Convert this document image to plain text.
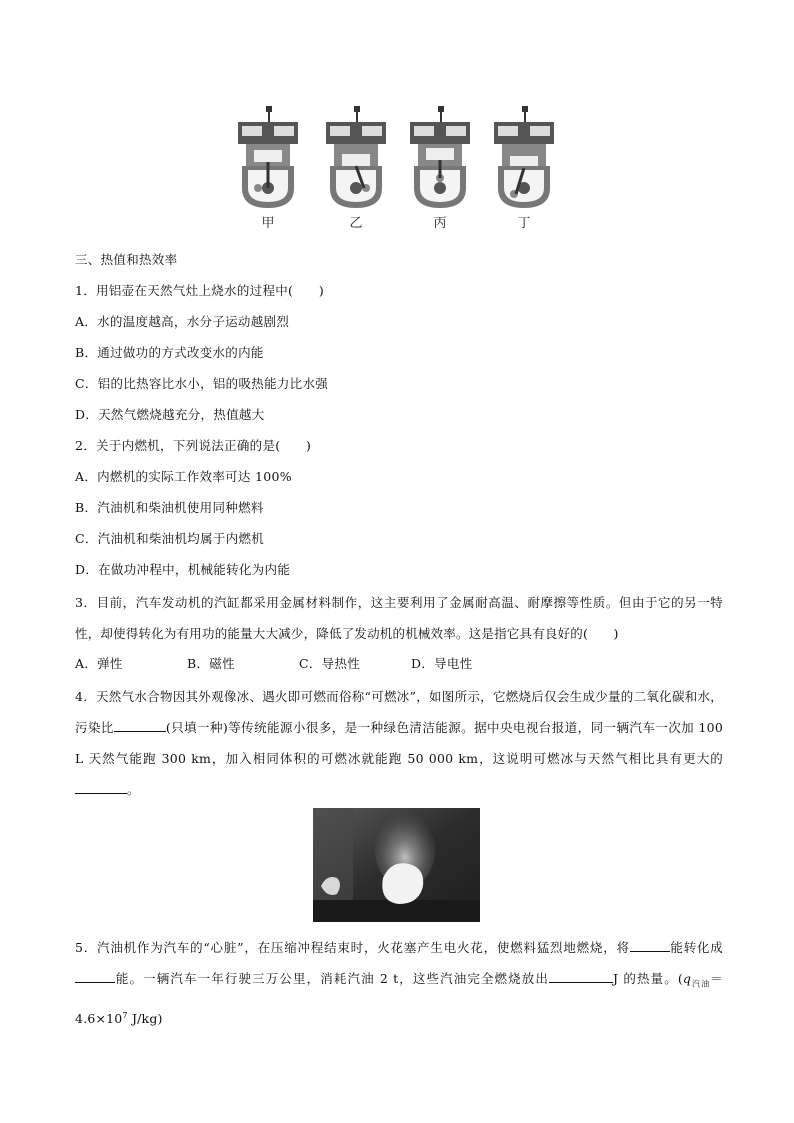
甲	乙	丙	丁
三、热值和热效率
1．用铝壶在天然气灶上烧水的过程中(　　)
A．水的温度越高，水分子运动越剧烈
B．通过做功的方式改变水的内能
C．铝的比热容比水小，铝的吸热能力比水强
D．天然气燃烧越充分，热值越大
2．关于内燃机，下列说法正确的是(　　)
A．内燃机的实际工作效率可达 100%
B．汽油机和柴油机使用同种燃料
C．汽油机和柴油机均属于内燃机
D．在做功冲程中，机械能转化为内能
3．目前，汽车发动机的汽缸都采用金属材料制作，这主要利用了金属耐高温、耐摩擦等性质。但由于它的另一特性，却使得转化为有用功的能量大大减少，降低了发动机的机械效率。这是指它具有良好的(　　)
A．弹性	B．磁性	C．导热性	D．导电性
4．天然气水合物因其外观像冰、遇火即可燃而俗称“可燃冰”，如图所示，它燃烧后仅会生成少量的二氧化碳和水，污染比	(只填一种)等传统能源小很多，是一种绿色清洁能源。据中央电视台报道，同一辆汽车一次加 100 L 天然气能跑 300 km，加入相同体积的可燃冰就能跑 50 000 km，这说明可燃冰与天然气相比具有更大的。
5．汽油机作为汽车的“心脏”，在压缩冲程结束时，火花塞产生电火花，使燃料猛烈地燃烧，将	能转化成能。一辆汽车一年行驶三万公里，消耗汽油 2 t，这些汽油完全燃烧放出	J 的热量。($q_{汽油}=4.6\times 10^7$ J/kg)
